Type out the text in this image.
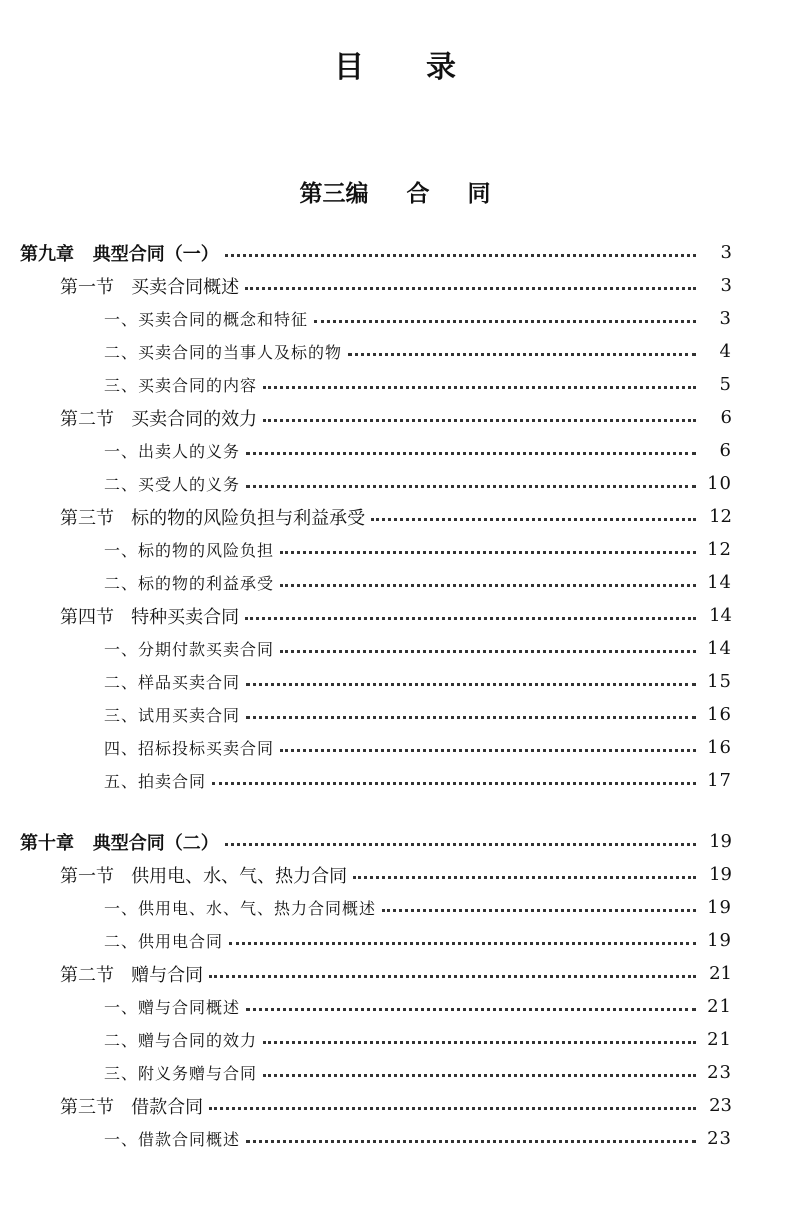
目录
第三编 合 同
第九章   典型合同（一）	3
第一节   买卖合同概述	3
一、买卖合同的概念和特征	3
二、买卖合同的当事人及标的物	4
三、买卖合同的内容	5
第二节   买卖合同的效力	6
一、出卖人的义务	6
二、买受人的义务	10
第三节   标的物的风险负担与利益承受	12
一、标的物的风险负担	12
二、标的物的利益承受	14
第四节   特种买卖合同	14
一、分期付款买卖合同	14
二、样品买卖合同	15
三、试用买卖合同	16
四、招标投标买卖合同	16
五、拍卖合同	17
第十章   典型合同（二）	19
第一节   供用电、水、气、热力合同	19
一、供用电、水、气、热力合同概述	19
二、供用电合同	19
第二节   赠与合同	21
一、赠与合同概述	21
二、赠与合同的效力	21
三、附义务赠与合同	23
第三节   借款合同	23
一、借款合同概述	23
